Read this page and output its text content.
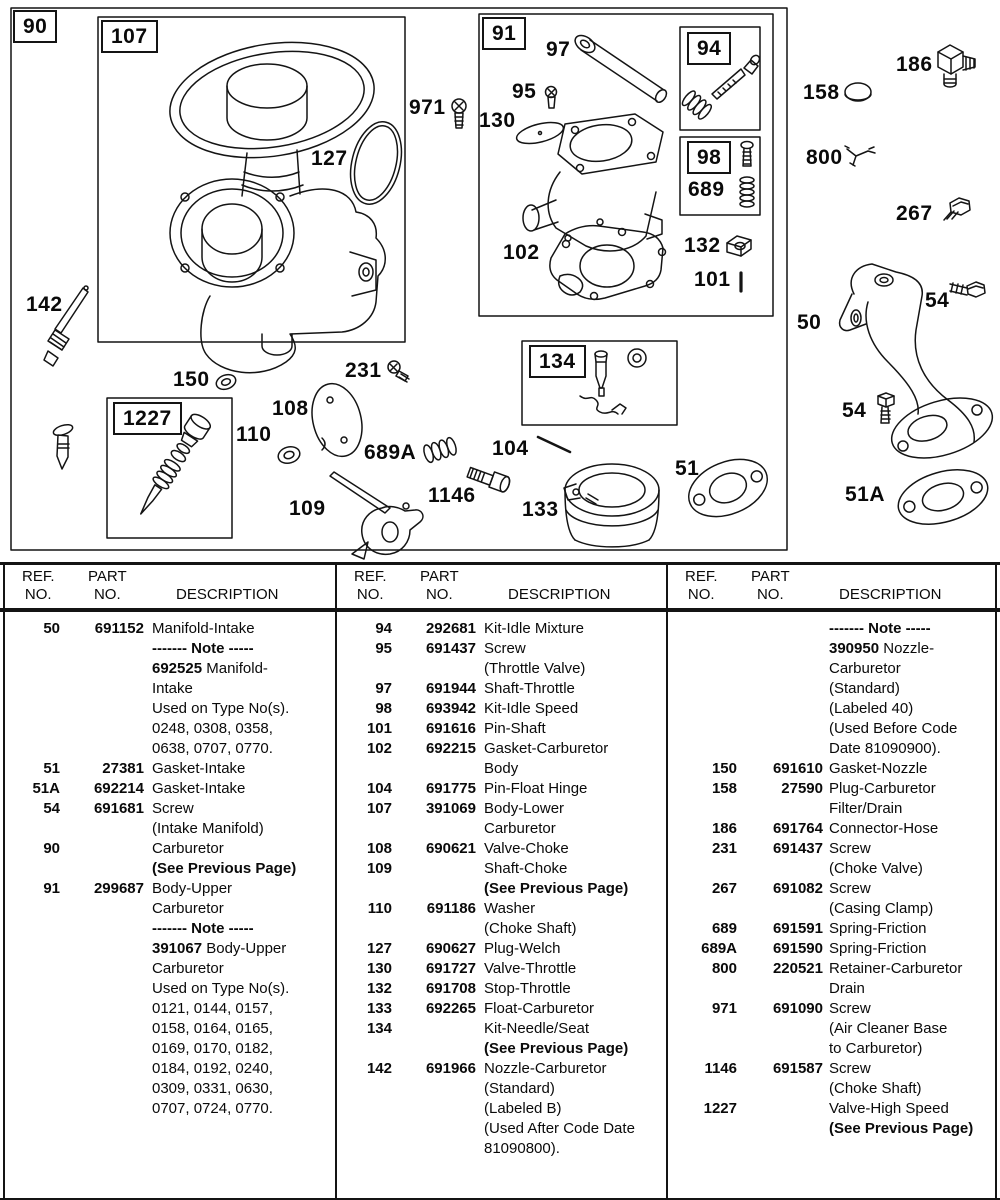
90	107
971
127
91
97
95
130
102
94
98
689
132
101
186
158
800
267
54
50
54
51A
142
150
1227
231
108
110
689A	104
1146
109
134
133
51
REF.
NO.
PART
NO.	DESCRIPTION
50	691152 Manifold-Intake
------- Note -----
692525 Manifold-
Intake
Used on Type No(s).
0248, 0308, 0358,
0638, 0707, 0770.
51	27381 Gasket-Intake
51A	692214 Gasket-Intake
54	691681 Screw
(Intake Manifold)
90	Carburetor
(See Previous Page)
91	299687 Body-Upper
Carburetor
------- Note -----
391067 Body-Upper
Carburetor
Used on Type No(s).
0121, 0144, 0157,
0158, 0164, 0165,
0169, 0170, 0182,
0184, 0192, 0240,
0309, 0331, 0630,
0707, 0724, 0770.
REF.
NO.
PART
NO.	DESCRIPTION
94	292681 Kit-Idle Mixture
95	691437 Screw
(Throttle Valve)
97	691944 Shaft-Throttle
98	693942 Kit-Idle Speed
101	691616 Pin-Shaft
102	692215 Gasket-Carburetor
Body
104	691775 Pin-Float Hinge
107	391069 Body-Lower
Carburetor
108	690621 Valve-Choke
109	Shaft-Choke
(See Previous Page)
110	691186 Washer
(Choke Shaft)
127	690627 Plug-Welch
130	691727 Valve-Throttle
132	691708 Stop-Throttle
133	692265 Float-Carburetor
134	Kit-Needle/Seat
(See Previous Page)
142	691966 Nozzle-Carburetor
(Standard)
(Labeled B)
(Used After Code Date
81090800).
REF.
NO.
PART
NO.	DESCRIPTION
------- Note -----
390950 Nozzle-
Carburetor
(Standard)
(Labeled 40)
(Used Before Code
Date 81090900).
150	691610 Gasket-Nozzle
158	27590 Plug-Carburetor
Filter/Drain
186	691764 Connector-Hose
231	691437 Screw
(Choke Valve)
267	691082 Screw
(Casing Clamp)
689	691591 Spring-Friction
689A	691590 Spring-Friction
800	220521 Retainer-Carburetor
Drain
971	691090 Screw
(Air Cleaner Base
to Carburetor)
1146	691587 Screw
(Choke Shaft)
1227	Valve-High Speed
(See Previous Page)
